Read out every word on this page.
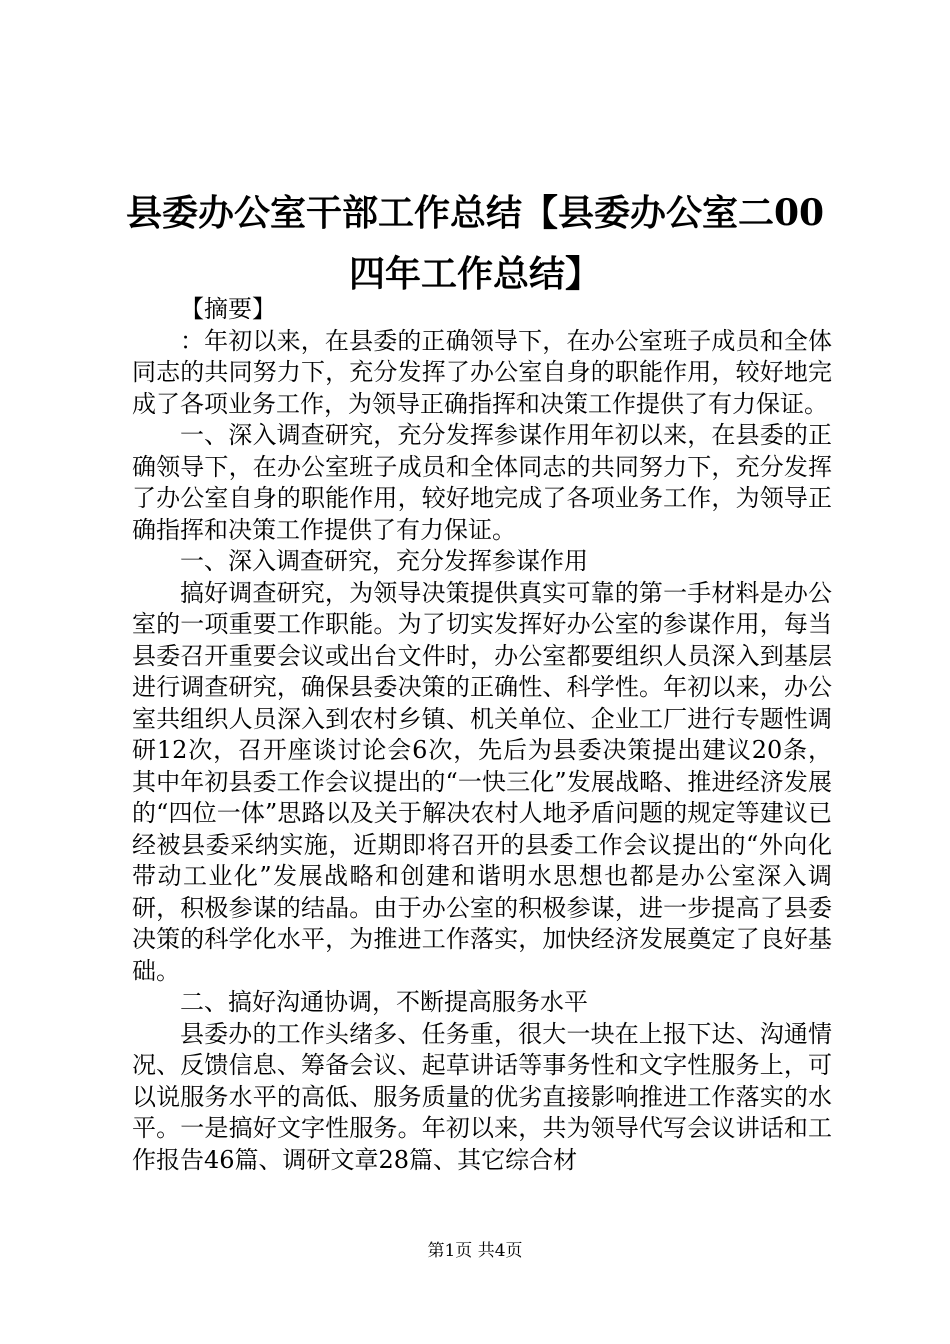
县委办公室干部工作总结【县委办公室二00四年工作总结】

【摘要】

：年初以来，在县委的正确领导下，在办公室班子成员和全体同志的共同努力下，充分发挥了办公室自身的职能作用，较好地完成了各项业务工作，为领导正确指挥和决策工作提供了有力保证。

一、深入调查研究，充分发挥参谋作用年初以来，在县委的正确领导下，在办公室班子成员和全体同志的共同努力下，充分发挥了办公室自身的职能作用，较好地完成了各项业务工作，为领导正确指挥和决策工作提供了有力保证。

一、深入调查研究，充分发挥参谋作用

搞好调查研究，为领导决策提供真实可靠的第一手材料是办公室的一项重要工作职能。为了切实发挥好办公室的参谋作用，每当县委召开重要会议或出台文件时，办公室都要组织人员深入到基层进行调查研究，确保县委决策的正确性、科学性。年初以来，办公室共组织人员深入到农村乡镇、机关单位、企业工厂进行专题性调研12次，召开座谈讨论会6次，先后为县委决策提出建议20条，其中年初县委工作会议提出的“一快三化”发展战略、推进经济发展的“四位一体”思路以及关于解决农村人地矛盾问题的规定等建议已经被县委采纳实施，近期即将召开的县委工作会议提出的“外向化带动工业化”发展战略和创建和谐明水思想也都是办公室深入调研，积极参谋的结晶。由于办公室的积极参谋，进一步提高了县委决策的科学化水平，为推进工作落实，加快经济发展奠定了良好基础。

二、搞好沟通协调，不断提高服务水平

县委办的工作头绪多、任务重，很大一块在上报下达、沟通情况、反馈信息、筹备会议、起草讲话等事务性和文字性服务上，可以说服务水平的高低、服务质量的优劣直接影响推进工作落实的水平。一是搞好文字性服务。年初以来，共为领导代写会议讲话和工作报告46篇、调研文章28篇、其它综合材

第1页 共4页
